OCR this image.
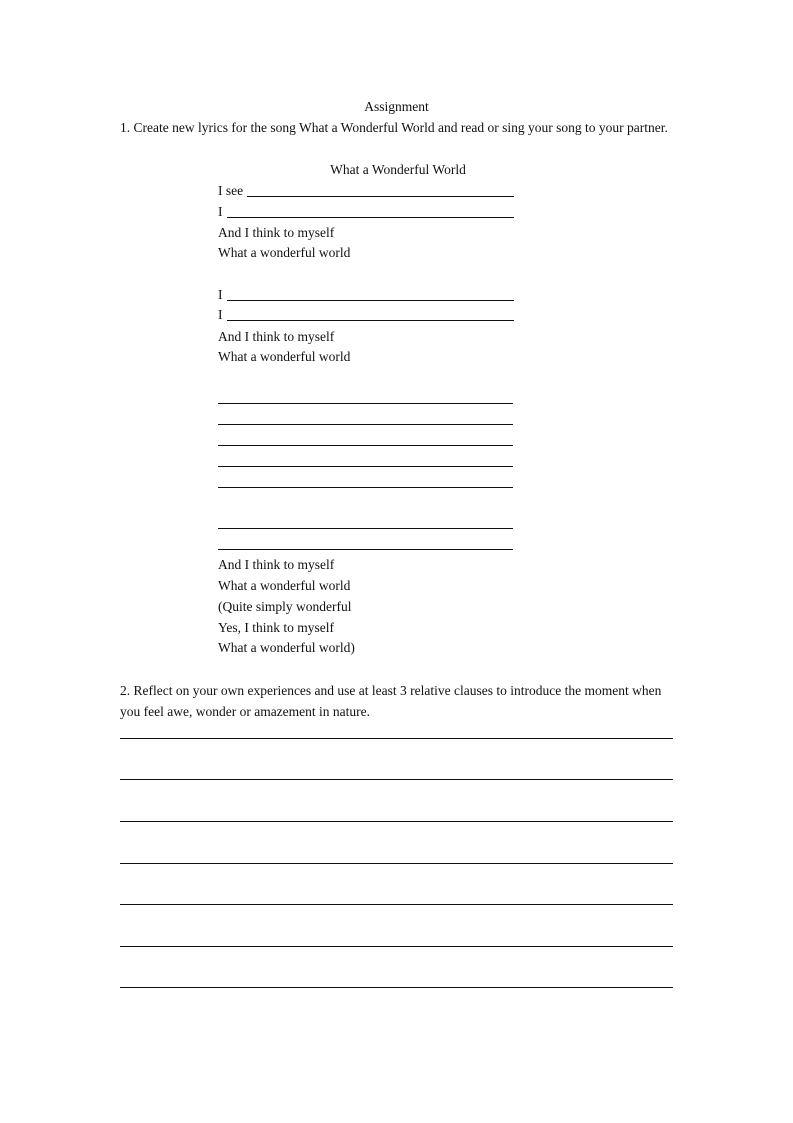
Assignment
1. Create new lyrics for the song What a Wonderful World and read or sing your song to your partner.
What a Wonderful World
I see
I
And I think to myself
What a wonderful world
I
I
And I think to myself
What a wonderful world
And I think to myself
What a wonderful world
(Quite simply wonderful
Yes, I think to myself
What a wonderful world)
2. Reflect on your own experiences and use at least 3 relative clauses to introduce the moment when you feel awe, wonder or amazement in nature.
